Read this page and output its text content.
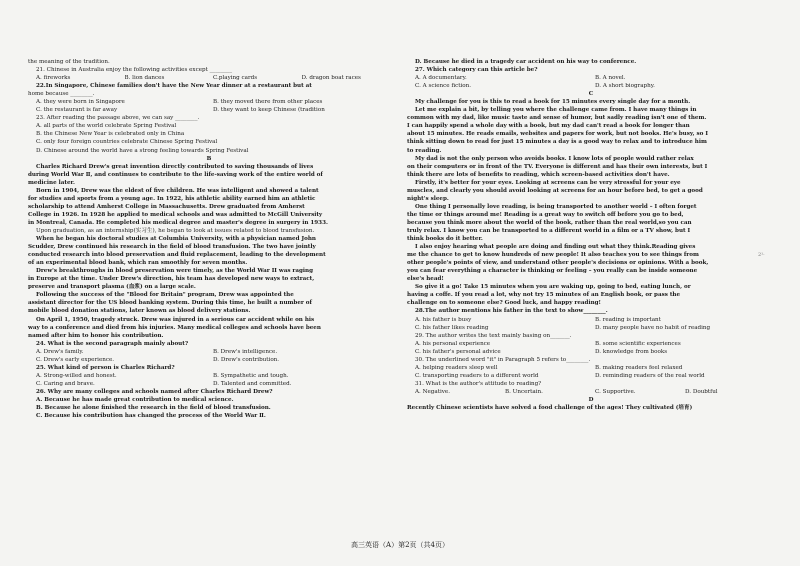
the meaning of the tradition.
21. Chinese in Australia enjoy the following activities except ________
A. fireworks	B. lion dances	C.playing cards	D. dragon boat races
22.In Singapore, Chinese families don't have the New Year dinner at a restaurant but at
home because ________.
A. they were born in Singapore	B. they moved there from other places
C. the restaurant is far away	D. they want to keep Chinese (tradition
23. After reading the passage above, we can say ________.
A. all parts of the world celebrate Spring Festival
B. the Chinese New Year is celebrated only in China
C. only four foreign countries celebrate Chinese Spring Festival
D. Chinese around the world have a strong feeling towards Spring Festival
B
Charles Richard Drew's great invention directly contributed to saving thousands of lives
during World War Ⅱ, and continues to contribute to the life-saving work of the entire world of
medicine later.
Born in 1904, Drew was the eldest of five children. He was intelligent and showed a talent
for studies and sports from a young age. In 1922, his athletic ability earned him an athletic
scholarship to attend Amherst College in Massachusetts. Drew graduated from Amherst
College in 1926. In 1928 he applied to medical schools and was admitted to McGill University
in Montreal, Canada. He completed his medical degree and master's degree in surgery in 1933.
Upon graduation, as an internship(实习生), he began to look at issues related to blood transfusion.
When he began his doctoral studies at Columbia University, with a physician named John
Scudder, Drew continued his research in the field of blood transfusion. The two have jointly
conducted research into blood preservation and fluid replacement, leading to the development
of an experimental blood bank, which ran smoothly for seven months.
Drew's breakthroughs in blood preservation were timely, as the World War II was raging
in Europe at the time. Under Drew's direction, his team has developed new ways to extract,
preserve and transport plasma (血浆) on a large scale.
Following the success of the "Blood for Britain" program, Drew was appointed the
assistant director for the US blood banking system. During this time, he built a number of
mobile blood donation stations, later known as blood delivery stations.
On April 1, 1950, tragedy struck. Drew was injured in a serious car accident while on his
way to a conference and died from his injuries. Many medical colleges and schools have been
named after him to honor his contribution.
24. What is the second paragraph mainly about?
A. Drew's family.	B. Drew's intelligence.
C. Drew's early experience.	D. Drew's contribution.
25. What kind of person is Charles Richard?
A. Strong-willed and honest.	B. Sympathetic and tough.
C. Caring and brave.	D. Talented and committed.
26. Why are many colleges and schools named after Charles Richard Drew?
A. Because he has made great contribution to medical science.
B. Because he alone finished the research in the field of blood transfusion.
C. Because his contribution has changed the process of the World War Ⅱ.
D. Because he died in a tragedy car accident on his way to conference.
27. Which category can this article be?
A. A documentary.	B. A novel.
C. A science fiction.	D. A short biography.
C
My challenge for you is this to read a book for 15 minutes every single day for a month.
Let me explain a bit, by telling you where the challenge came from. I have many things in
common with my dad, like music taste and sense of humor, but sadly reading isn't one of them.
I can happily spend a whole day with a book, but my dad can't read a book for longer than
about 15 minutes. He reads emails, websites and papers for work, but not books. He's busy, so I
think sitting down to read for just 15 minutes a day is a good way to relax and to introduce him
to reading.
My dad is not the only person who avoids books. I know lots of people would rather relax
on their computers or in front of the TV. Everyone is different and has their own interests, but I
think there are lots of benefits to reading, which screen-based activities don't have.
Firstly, it's better for your eyes. Looking at screens can be very stressful for your eye
muscles, and clearly you should avoid looking at screens for an hour before bed, to get a good
night's sleep.
One thing I personally love reading, is being transported to another world – I often forget
the time or things around me! Reading is a great way to switch off before you go to bed,
because you think more about the world of the book, rather than the real world,so you can
truly relax. I know you can be transported to a different world in a film or a TV show, but I
think books do it better.
I also enjoy hearing what people are doing and finding out what they think.Reading gives
me the chance to get to know hundreds of new people! It also teaches you to see things from
other people's points of view, and understand other people's decisions or opinions. With a book,
you can fear everything a character is thinking or feeling – you really can be inside someone
else's head!
So give it a go! Take 15 minutes when you are waking up, going to bed, eating lunch, or
having a coffe. If you read a lot, why not try 15 minutes of an English book, or pass the
challenge on to someone else? Good luck, and happy reading!
28.The author mentions his father in the text to show________.
A. his father is busy	B. reading is important
C. his father likes reading	D. many people have no habit of reading
29. The author writes the text mainly basing on_______.
A. his personal experience	B. some scientific experiences
C. his father's personal advice	D. knowledge from books
30. The underlined word "it" in Paragraph 5 refers to________.
A. helping readers sleep well	B. making readers feel relaxed
C. transporting readers to a different world	D. reminding readers of the real world
31. What is the author's attitude to reading?
A. Negative.	B. Uncertain.	C. Supportive.	D. Doubtful
D
Recently Chinese scientists have solved a food challenge of the ages! They cultivated (培育)
2¹·
高三英语（A）第2页（共4页）
